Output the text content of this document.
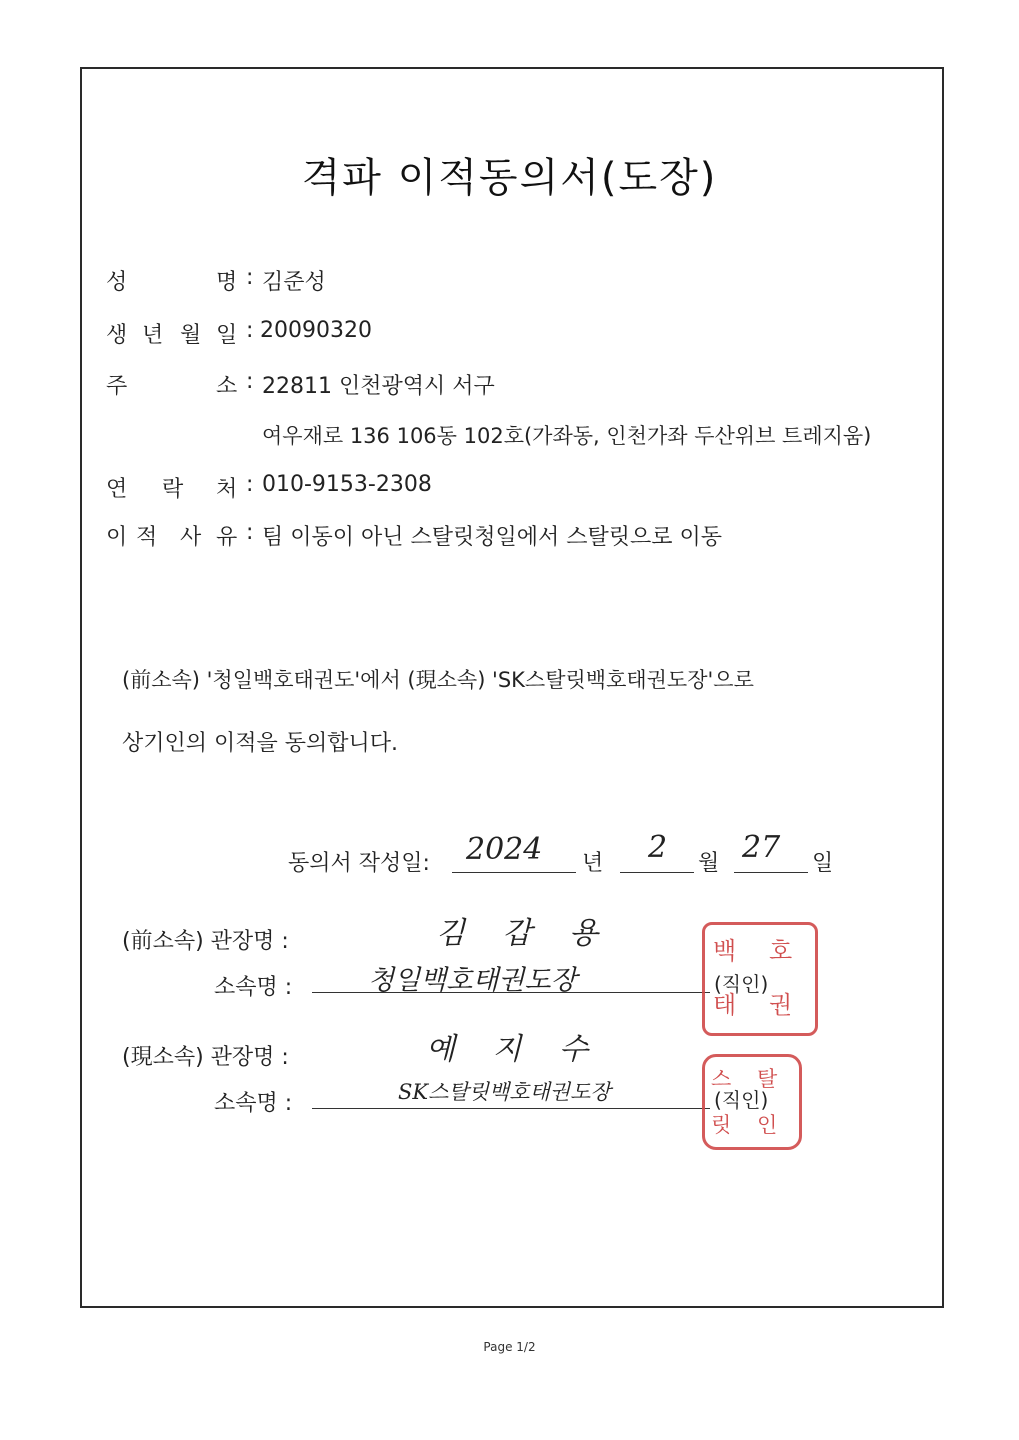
격파 이적동의서(도장)
성	명 : 김준성
생 년 월 일 : 20090320
주	소 : 22811 인천광역시 서구
여우재로 136 106동 102호(가좌동, 인천가좌 두산위브 트레지움)
연 락 처 : 010-9153-2308
이 적 사 유 : 팀 이동이 아닌 스탈릿청일에서 스탈릿으로 이동
(前소속) '청일백호태권도'에서 (現소속) 'SK스탈릿백호태권도장'으로
상기인의 이적을 동의합니다.
동의서 작성일: 2024 년 2 월 27 일
(前소속) 관장명 :	김 갑 용
소속명 :	청일백호태권도장
백 호
태 권
(직인)
(現소속) 관장명 :	예 지 수
소속명 :	SK스탈릿백호태권도장
스 탈
릿 인
(직인)
Page 1/2
